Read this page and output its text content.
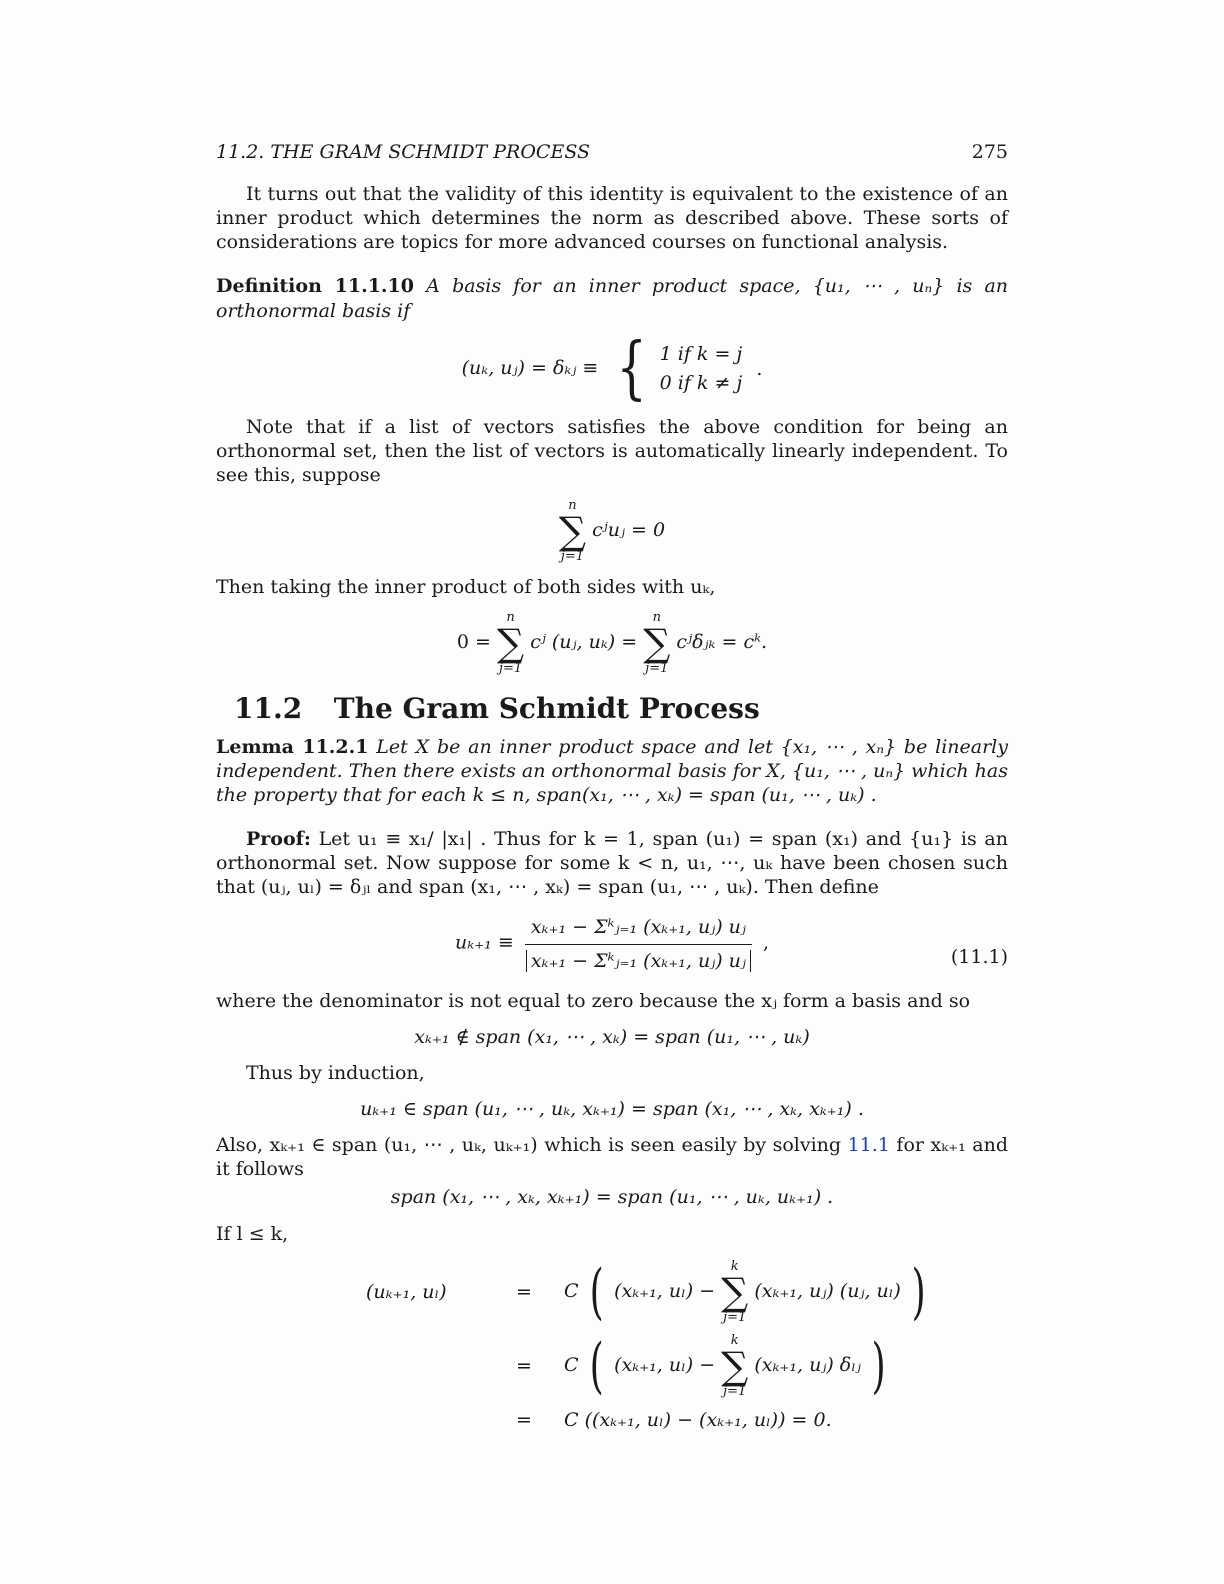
11.2. THE GRAM SCHMIDT PROCESS	275

It turns out that the validity of this identity is equivalent to the existence of an inner product which determines the norm as described above. These sorts of considerations are topics for more advanced courses on functional analysis.

Definition 11.1.10 A basis for an inner product space, {u₁, ⋯ , uₙ} is an orthonormal basis if

(uₖ, uⱼ) = δₖⱼ ≡ { 1 if k = j
0 if k ≠ j
.

Note that if a list of vectors satisfies the above condition for being an orthonormal set, then the list of vectors is automatically linearly independent. To see this, suppose

n
∑
j=1
cʲuⱼ = 0

Then taking the inner product of both sides with uₖ,

0 =
n
∑
j=1
cʲ (uⱼ, uₖ) =
n
∑
j=1
cʲδⱼₖ = cᵏ.
11.2 The Gram Schmidt Process

Lemma 11.2.1 Let X be an inner product space and let {x₁, ⋯ , xₙ} be linearly independent. Then there exists an orthonormal basis for X, {u₁, ⋯ , uₙ} which has the property that for each k ≤ n, span(x₁, ⋯ , xₖ) = span (u₁, ⋯ , uₖ) .

Proof: Let u₁ ≡ x₁/ |x₁| . Thus for k = 1, span (u₁) = span (x₁) and {u₁} is an orthonormal set. Now suppose for some k < n, u₁, ⋯, uₖ have been chosen such that (uⱼ, uₗ) = δⱼₗ and span (x₁, ⋯ , xₖ) = span (u₁, ⋯ , uₖ). Then define

$u_{k+1} \equiv \frac{\text{xₖ₊₁ − Σᵏⱼ₌₁ (xₖ₊₁, uⱼ) uⱼ}}{\text{xₖ₊₁ − Σᵏⱼ₌₁ (xₖ₊₁, uⱼ) uⱼ}}$ ,
(11.1)

where the denominator is not equal to zero because the xⱼ form a basis and so

xₖ₊₁ ∉ span (x₁, ⋯ , xₖ) = span (u₁, ⋯ , uₖ)

Thus by induction,

uₖ₊₁ ∈ span (u₁, ⋯ , uₖ, xₖ₊₁) = span (x₁, ⋯ , xₖ, xₖ₊₁) .

Also, xₖ₊₁ ∈ span (u₁, ⋯ , uₖ, uₖ₊₁) which is seen easily by solving 11.1 for xₖ₊₁ and it follows

span (x₁, ⋯ , xₖ, xₖ₊₁) = span (u₁, ⋯ , uₖ, uₖ₊₁) .

If l ≤ k,

(uₖ₊₁, uₗ)	=	C ( (xₖ₊₁, uₗ) −
k
∑
j=1
(xₖ₊₁, uⱼ) (uⱼ, uₗ) )
=	C ( (xₖ₊₁, uₗ) −
k
∑
j=1
(xₖ₊₁, uⱼ) δₗⱼ )
=	C ((xₖ₊₁, uₗ) − (xₖ₊₁, uₗ)) = 0.
